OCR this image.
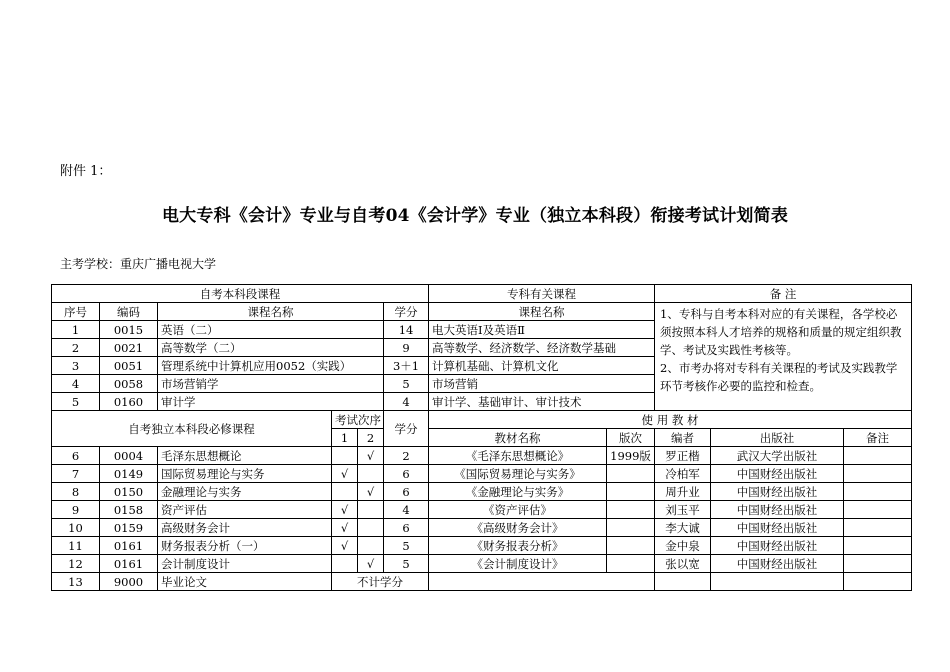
附件 1：
电大专科《会计》专业与自考04《会计学》专业（独立本科段）衔接考试计划简表
主考学校：重庆广播电视大学
自考本科段课程						专科有关课程		备 注		
序号	编码	课程名称			学分	课程名称		1、专科与自考本科对应的有关课程，各学校必须按照本科人才培养的规格和质量的规定组织教学、考试及实践性考核等。
2、市考办将对专科有关课程的考试及实践教学环节考核作必要的监控和检查。		

1	0015	英语（二）			14	电大英语Ⅰ及英语Ⅱ				
2	0021	高等数学（二）			9	高等数学、经济数学、经济数学基础				
3	0051	管理系统中计算机应用0052（实践）			3＋1	计算机基础、计算机文化				
4	0058	市场营销学			5	市场营销				
5	0160	审计学			4	审计学、基础审计、审计技术				
自考独立本科段必修课程			考试次序		学分	使 用 教 材				
			1	2		教材名称	版次	编者	出版社	备注
6	0004	毛泽东思想概论		√	2	《毛泽东思想概论》	1999版	罗正楷	武汉大学出版社	
7	0149	国际贸易理论与实务	√		6	《国际贸易理论与实务》		冷柏军	中国财经出版社	
8	0150	金融理论与实务		√	6	《金融理论与实务》		周升业	中国财经出版社	
9	0158	资产评估	√		4	《资产评估》		刘玉平	中国财经出版社	
10	0159	高级财务会计	√		6	《高级财务会计》		李大诚	中国财经出版社	
11	0161	财务报表分析（一）	√		5	《财务报表分析》		金中泉	中国财经出版社	
12	0161	会计制度设计		√	5	《会计制度设计》		张以宽	中国财经出版社	
13	9000	毕业论文	不计学分							
